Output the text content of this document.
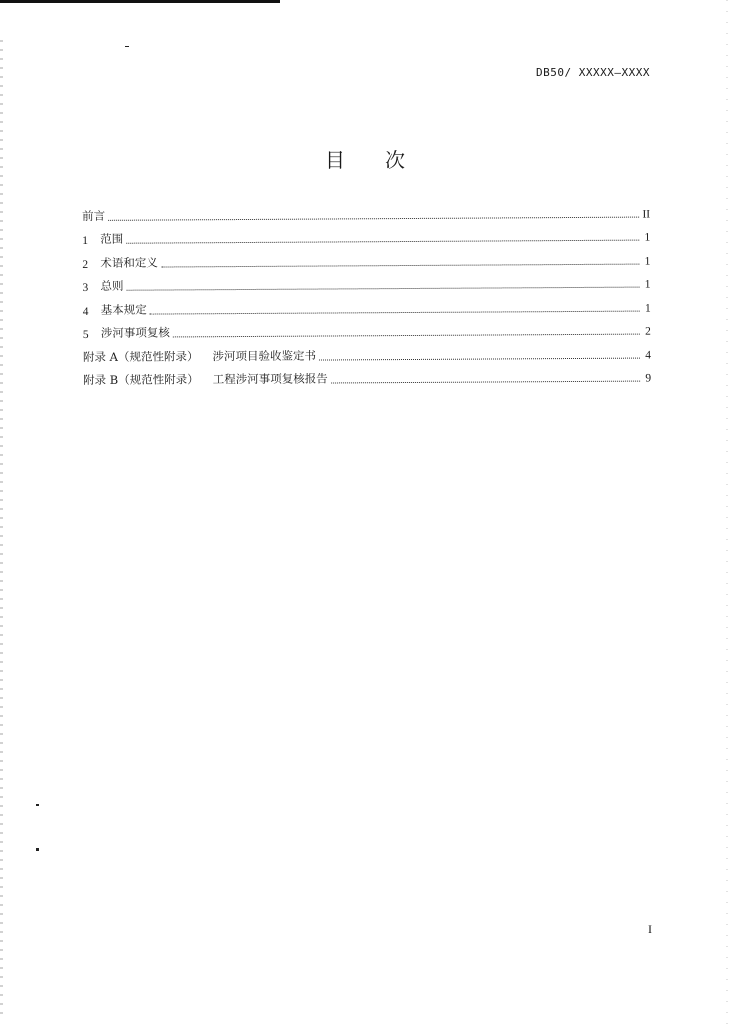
DB50/ XXXXX—XXXX
目次
前言	II
1	范围	1
2	术语和定义	1
3	总则	1
4	基本规定	1
5	涉河事项复核	2
附录 A（规范性附录） 涉河项目验收鉴定书	4
附录 B（规范性附录） 工程涉河事项复核报告	9
I
